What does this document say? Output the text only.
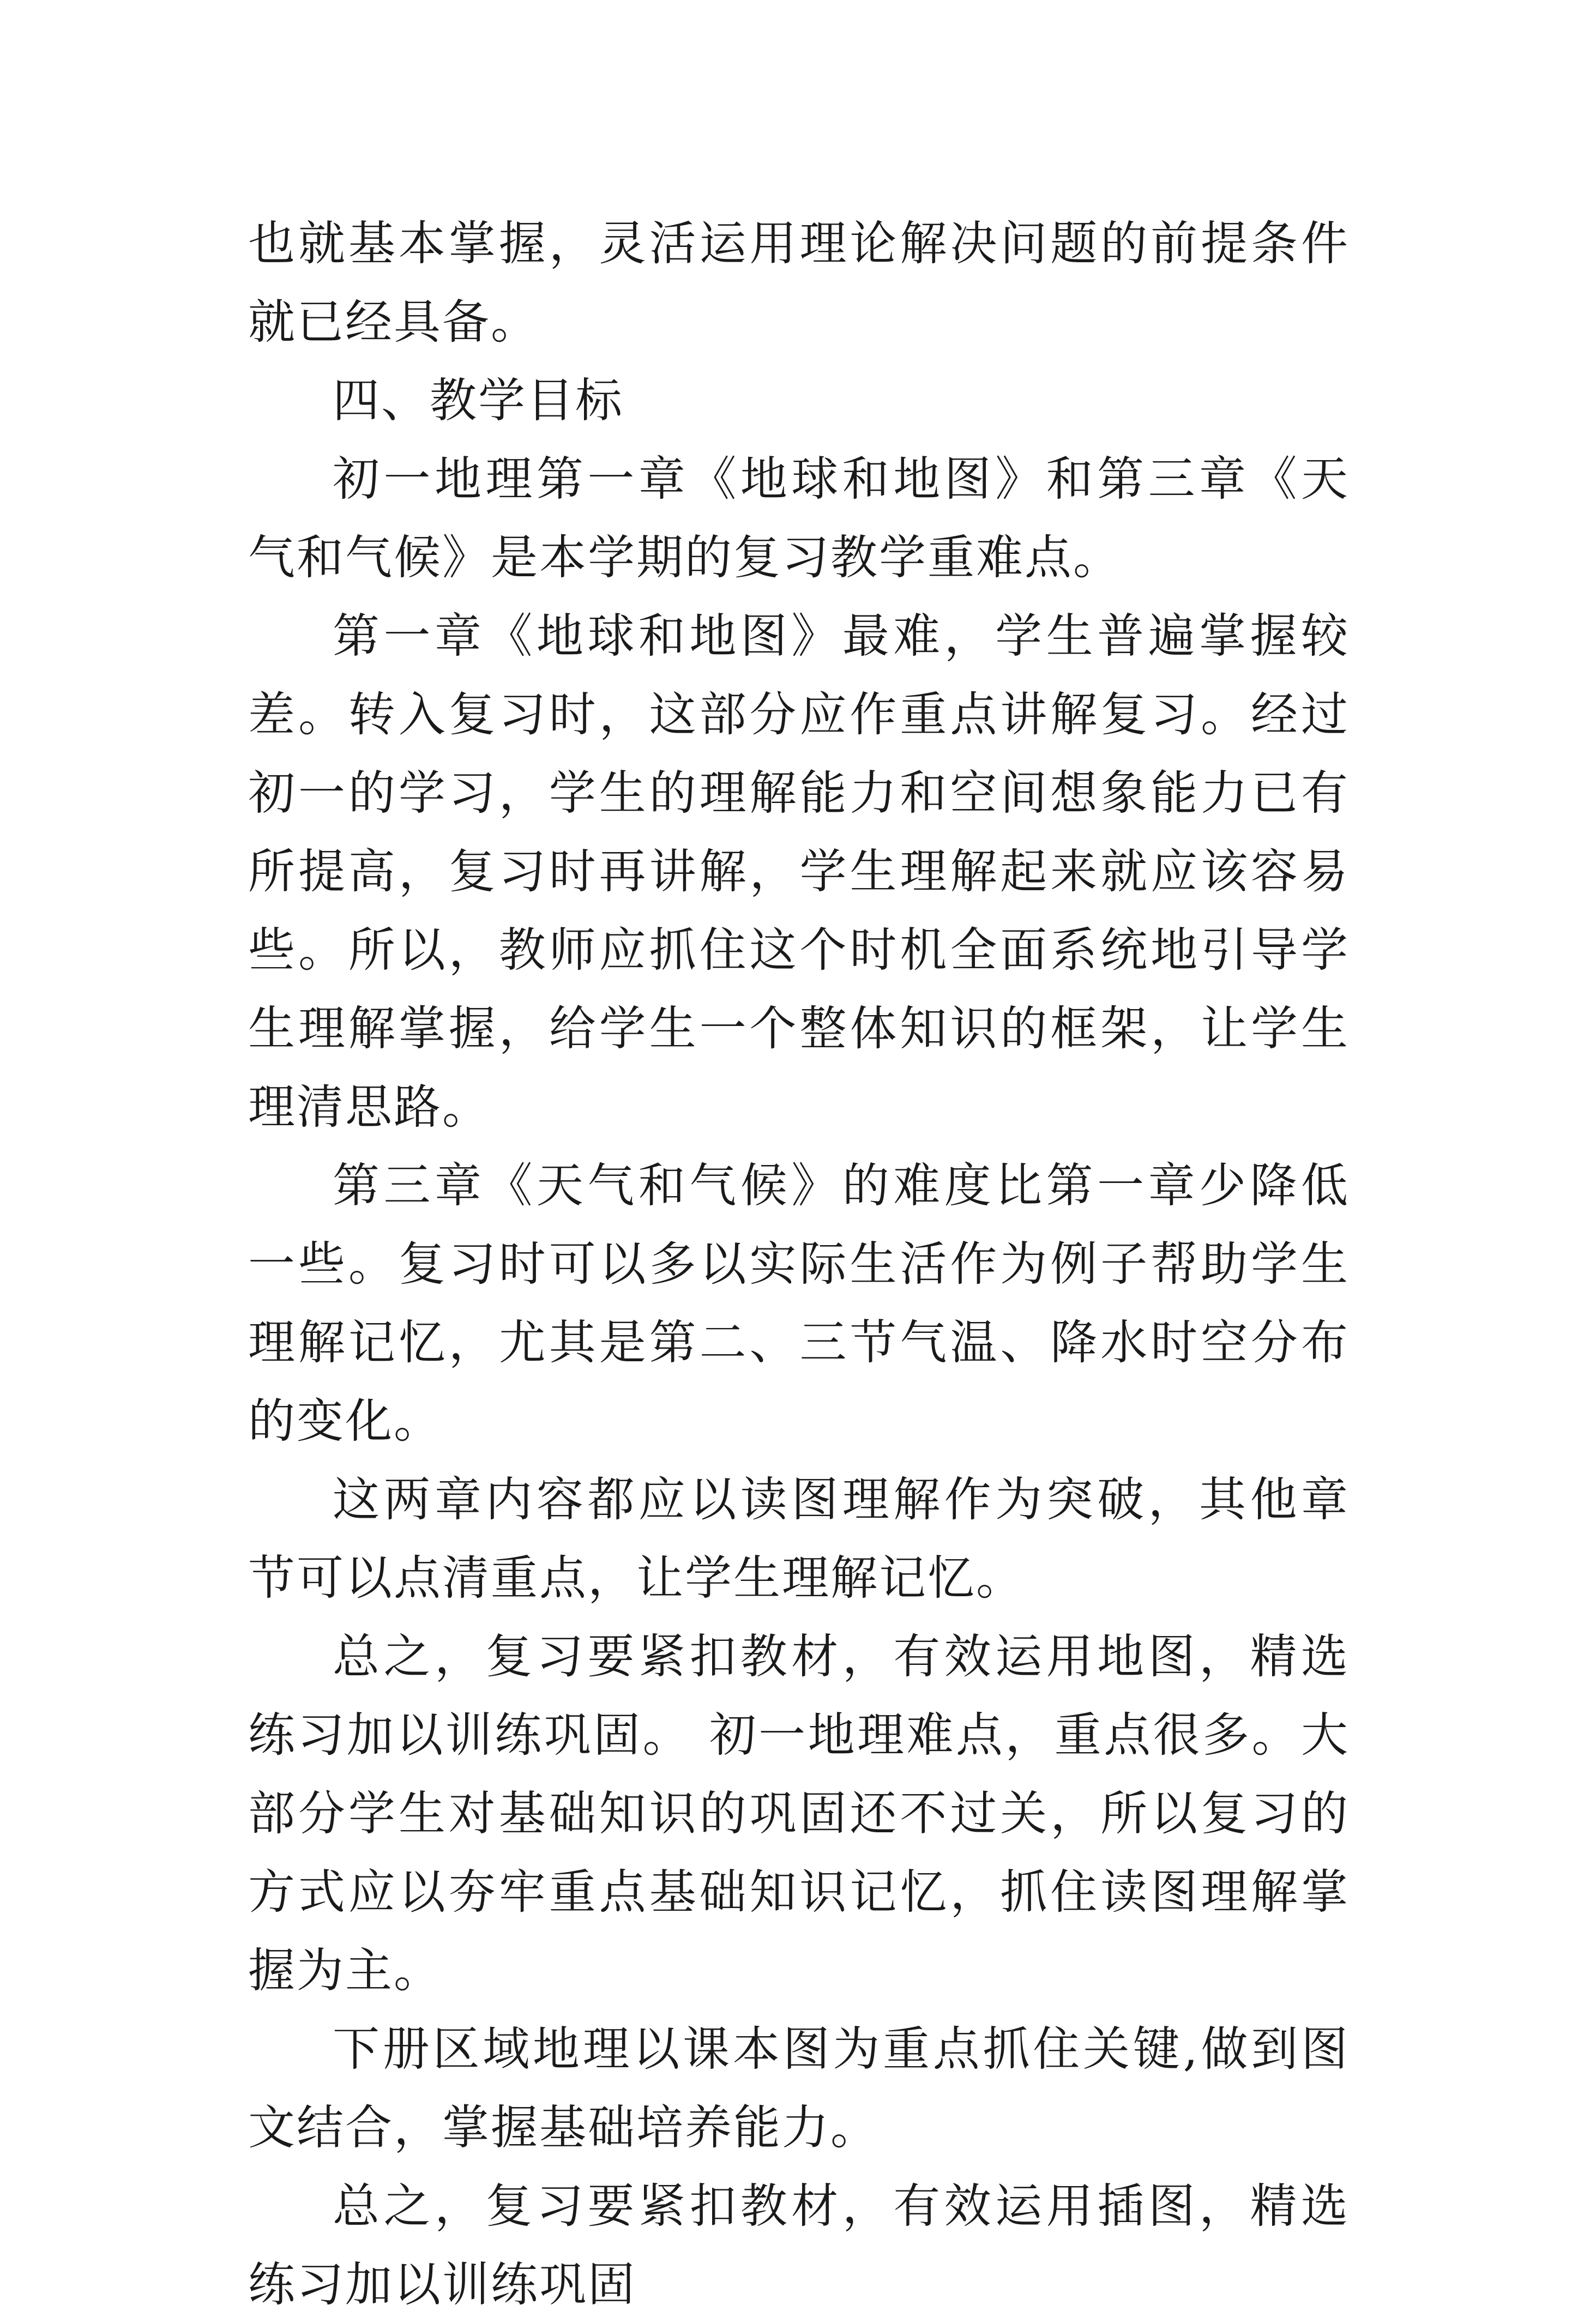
也就基本掌握，灵活运用理论解决问题的前提条件就已经具备。

四、教学目标

初一地理第一章《地球和地图》和第三章《天气和气候》是本学期的复习教学重难点。

第一章《地球和地图》最难，学生普遍掌握较差。转入复习时，这部分应作重点讲解复习。经过初一的学习，学生的理解能力和空间想象能力已有所提高，复习时再讲解，学生理解起来就应该容易些。所以，教师应抓住这个时机全面系统地引导学生理解掌握，给学生一个整体知识的框架，让学生理清思路。

第三章《天气和气候》的难度比第一章少降低一些。复习时可以多以实际生活作为例子帮助学生理解记忆，尤其是第二、三节气温、降水时空分布的变化。

这两章内容都应以读图理解作为突破，其他章节可以点清重点，让学生理解记忆。

总之，复习要紧扣教材，有效运用地图，精选练习加以训练巩固。 初一地理难点，重点很多。大部分学生对基础知识的巩固还不过关，所以复习的方式应以夯牢重点基础知识记忆，抓住读图理解掌握为主。

下册区域地理以课本图为重点抓住关键,做到图文结合，掌握基础培养能力。

总之，复习要紧扣教材，有效运用插图，精选练习加以训练巩固
